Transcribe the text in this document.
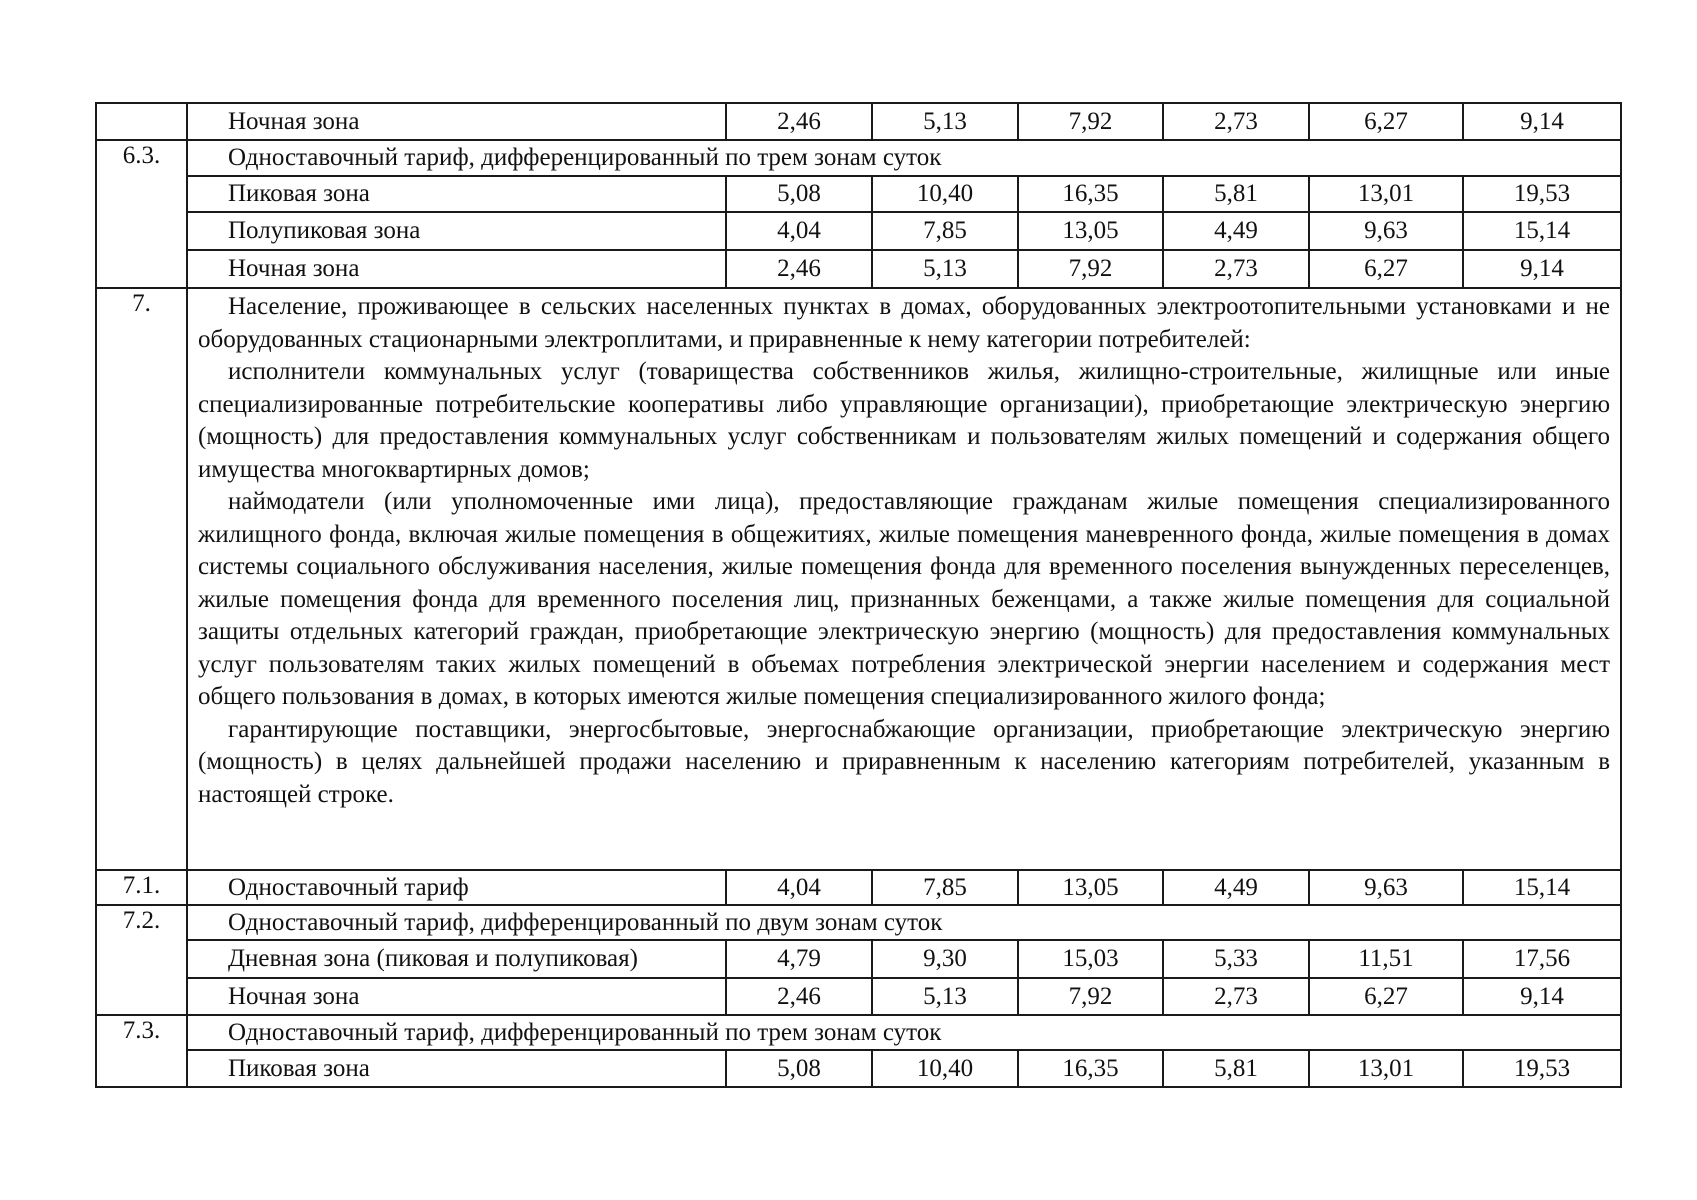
	Ночная зона	2,46	5,13	7,92	2,73	6,27	9,14
6.3.	Одноставочный тариф, дифференцированный по трем зонам суток						
	Пиковая зона	5,08	10,40	16,35	5,81	13,01	19,53
	Полупиковая зона	4,04	7,85	13,05	4,49	9,63	15,14
	Ночная зона	2,46	5,13	7,92	2,73	6,27	9,14
7.	Население, проживающее в сельских населенных пунктах в домах, оборудованных электроотопительными установками и не оборудованных стационарными электроплитами, и приравненные к нему категории потребителей:

исполнители коммунальных услуг (товарищества собственников жилья, жилищно-строительные, жилищные или иные специализированные потребительские кооперативы либо управляющие организации), приобретающие электрическую энергию (мощность) для предоставления коммунальных услуг собственникам и пользователям жилых помещений и содержания общего имущества многоквартирных домов;

наймодатели (или уполномоченные ими лица), предоставляющие гражданам жилые помещения специализированного жилищного фонда, включая жилые помещения в общежитиях, жилые помещения маневренного фонда, жилые помещения в домах системы социального обслуживания населения, жилые помещения фонда для временного поселения вынужденных переселенцев, жилые помещения фонда для временного поселения лиц, признанных беженцами, а также жилые помещения для социальной защиты отдельных категорий граждан, приобретающие электрическую энергию (мощность) для предоставления коммунальных услуг пользователям таких жилых помещений в объемах потребления электрической энергии населением и содержания мест общего пользования в домах, в которых имеются жилые помещения специализированного жилого фонда;

гарантирующие поставщики, энергосбытовые, энергоснабжающие организации, приобретающие электрическую энергию (мощность) в целях дальнейшей продажи населению и приравненным к населению категориям потребителей, указанным в настоящей строке.						

7.1.	Одноставочный тариф	4,04	7,85	13,05	4,49	9,63	15,14
7.2.	Одноставочный тариф, дифференцированный по двум зонам суток						
	Дневная зона (пиковая и полупиковая)	4,79	9,30	15,03	5,33	11,51	17,56
	Ночная зона	2,46	5,13	7,92	2,73	6,27	9,14
7.3.	Одноставочный тариф, дифференцированный по трем зонам суток						
	Пиковая зона	5,08	10,40	16,35	5,81	13,01	19,53
